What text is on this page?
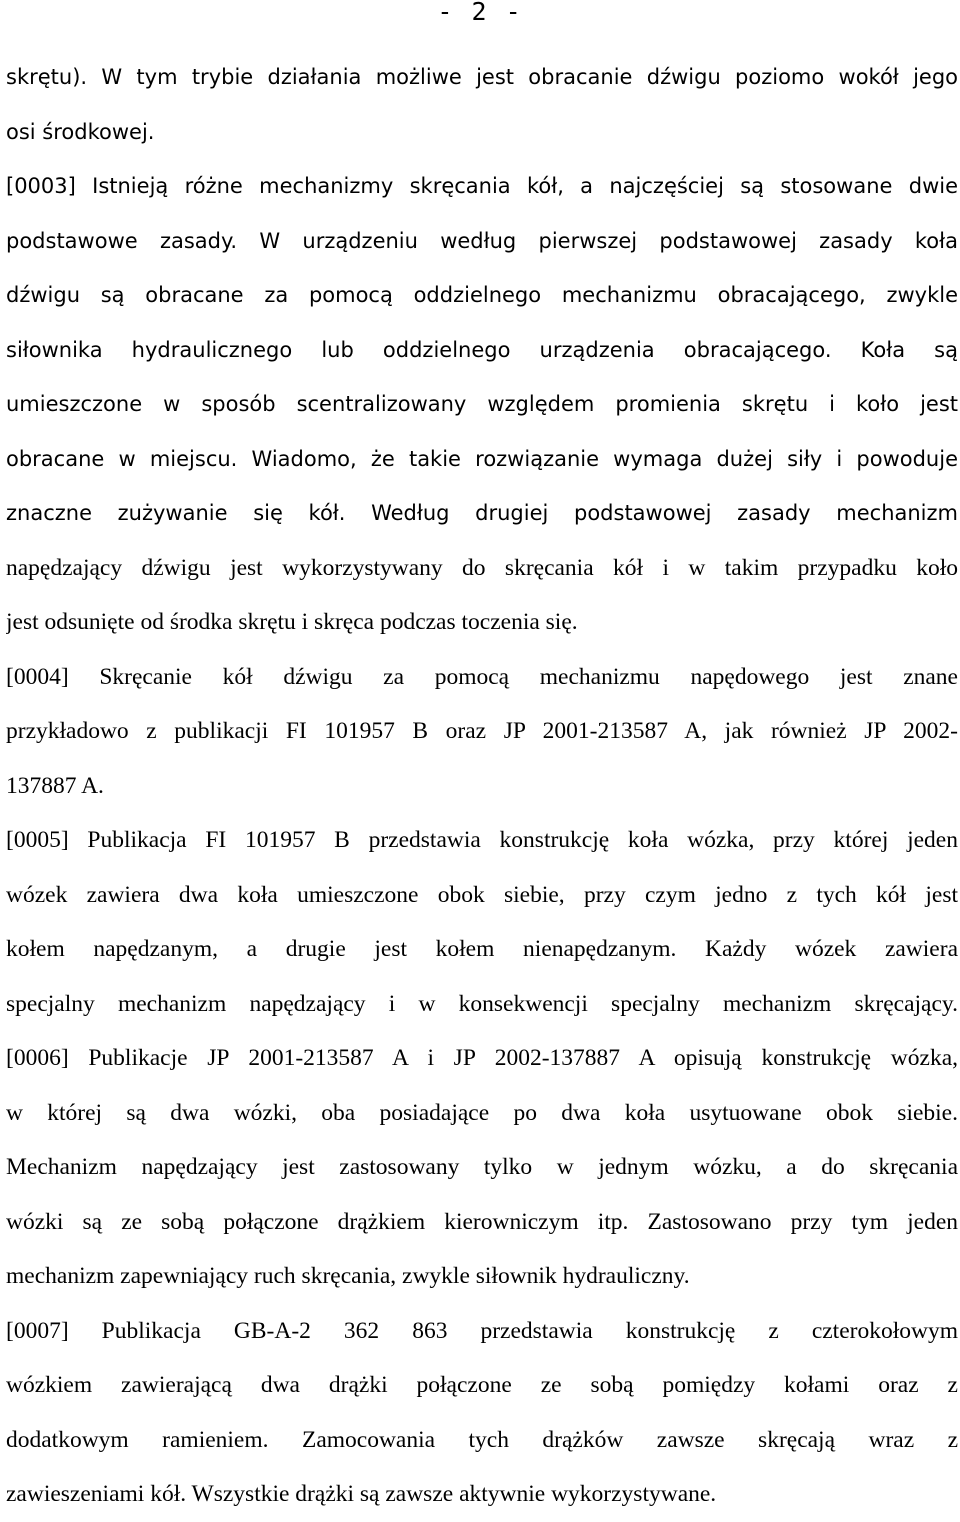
- 2 -
skrętu). W tym trybie działania możliwe jest obracanie dźwigu poziomo wokół jego
osi środkowej.
[0003] Istnieją różne mechanizmy skręcania kół, a najczęściej są stosowane dwie
podstawowe zasady. W urządzeniu według pierwszej podstawowej zasady koła
dźwigu są obracane za pomocą oddzielnego mechanizmu obracającego, zwykle
siłownika hydraulicznego lub oddzielnego urządzenia obracającego. Koła są
umieszczone w sposób scentralizowany względem promienia skrętu i koło jest
obracane w miejscu. Wiadomo, że takie rozwiązanie wymaga dużej siły i powoduje
znaczne zużywanie się kół. Według drugiej podstawowej zasady mechanizm
napędzający dźwigu jest wykorzystywany do skręcania kół i w takim przypadku koło
jest odsunięte od środka skrętu i skręca podczas toczenia się.
[0004] Skręcanie kół dźwigu za pomocą mechanizmu napędowego jest znane
przykładowo z publikacji FI 101957 B oraz JP 2001-213587 A, jak również JP 2002-
137887 A.
[0005] Publikacja FI 101957 B przedstawia konstrukcję koła wózka, przy której jeden
wózek zawiera dwa koła umieszczone obok siebie, przy czym jedno z tych kół jest
kołem napędzanym, a drugie jest kołem nienapędzanym. Każdy wózek zawiera
specjalny mechanizm napędzający i w konsekwencji specjalny mechanizm skręcający.
[0006] Publikacje JP 2001-213587 A i JP 2002-137887 A opisują konstrukcję wózka,
w której są dwa wózki, oba posiadające po dwa koła usytuowane obok siebie.
Mechanizm napędzający jest zastosowany tylko w jednym wózku, a do skręcania
wózki są ze sobą połączone drążkiem kierowniczym itp. Zastosowano przy tym jeden
mechanizm zapewniający ruch skręcania, zwykle siłownik hydrauliczny.
[0007] Publikacja GB-A-2 362 863 przedstawia konstrukcję z czterokołowym
wózkiem zawierającą dwa drążki połączone ze sobą pomiędzy kołami oraz z
dodatkowym ramieniem. Zamocowania tych drążków zawsze skręcają wraz z
zawieszeniami kół. Wszystkie drążki są zawsze aktywnie wykorzystywane.
